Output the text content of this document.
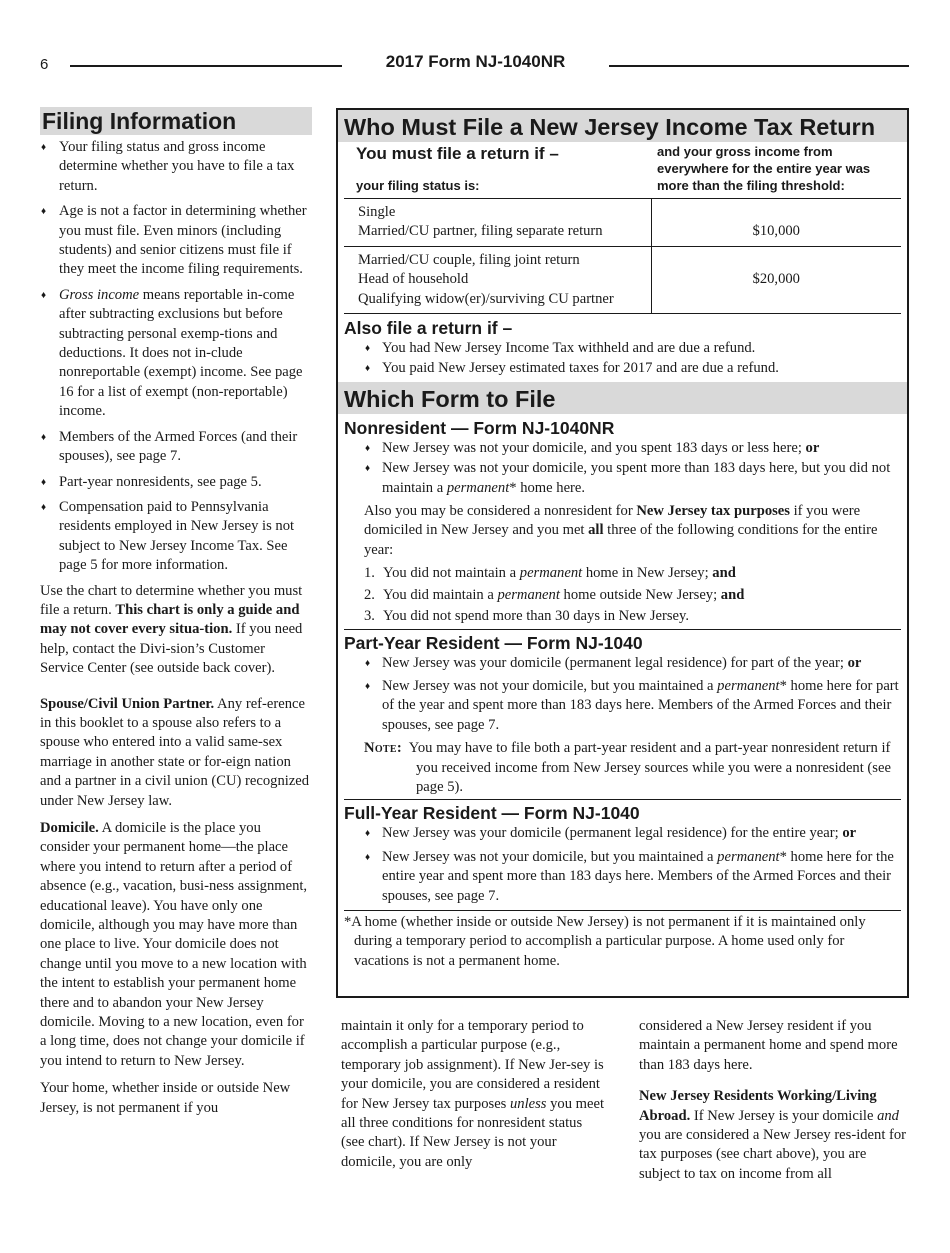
6	2017 Form NJ-1040NR
Filing Information
♦ Your filing status and gross income determine whether you have to file a tax return.
♦ Age is not a factor in determining whether you must file. Even minors (including students) and senior citizens must file if they meet the income filing requirements.
♦ Gross income means reportable in-come after subtracting exclusions but before subtracting personal exemp-tions and deductions. It does not in-clude nonreportable (exempt) income. See page 16 for a list of exempt (non-reportable) income.
♦ Members of the Armed Forces (and their spouses), see page 7.
♦ Part-year nonresidents, see page 5.
♦ Compensation paid to Pennsylvania residents employed in New Jersey is not subject to New Jersey Income Tax. See page 5 for more information.

Use the chart to determine whether you must file a return. This chart is only a guide and may not cover every situa-tion. If you need help, contact the Divi-sion’s Customer Service Center (see outside back cover).

Spouse/Civil Union Partner. Any ref-erence in this booklet to a spouse also refers to a spouse who entered into a valid same-sex marriage in another state or for-eign nation and a partner in a civil union (CU) recognized under New Jersey law.

Domicile. A domicile is the place you consider your permanent home—the place where you intend to return after a period of absence (e.g., vacation, busi-ness assignment, educational leave). You have only one domicile, although you may have more than one place to live. Your domicile does not change until you move to a new location with the intent to establish your permanent home there and to abandon your New Jersey domicile. Moving to a new location, even for a long time, does not change your domicile if you intend to return to New Jersey.

Your home, whether inside or outside New Jersey, is not permanent if you

Who Must File a New Jersey Income Tax Return
You must file a return if –
your filing status is:	and your gross income from everywhere for the entire year was more than the filing threshold:

Single
Married/CU partner, filing separate return	$10,000

Married/CU couple, filing joint return
Head of household
Qualifying widow(er)/surviving CU partner	$20,000
Also file a return if –
♦ You had New Jersey Income Tax withheld and are due a refund.
♦ You paid New Jersey estimated taxes for 2017 and are due a refund.
Which Form to File
Nonresident — Form NJ-1040NR
♦ New Jersey was not your domicile, and you spent 183 days or less here; or
♦ New Jersey was not your domicile, you spent more than 183 days here, but you did not maintain a permanent* home here.

Also you may be considered a nonresident for New Jersey tax purposes if you were domiciled in New Jersey and you met all three of the following conditions for the entire year:

1. You did not maintain a permanent home in New Jersey; and
2. You did maintain a permanent home outside New Jersey; and
3. You did not spend more than 30 days in New Jersey.
Part-Year Resident — Form NJ-1040
♦ New Jersey was your domicile (permanent legal residence) for part of the year; or
♦ New Jersey was not your domicile, but you maintained a permanent* home here for part of the year and spent more than 183 days here. Members of the Armed Forces and their spouses, see page 7.

Note: You may have to file both a part-year resident and a part-year nonresident return if you received income from New Jersey sources while you were a nonresident (see page 5).

Full-Year Resident — Form NJ-1040
♦ New Jersey was your domicile (permanent legal residence) for the entire year; or
♦ New Jersey was not your domicile, but you maintained a permanent* home here for the entire year and spent more than 183 days here. Members of the Armed Forces and their spouses, see page 7.

*A home (whether inside or outside New Jersey) is not permanent if it is maintained only during a temporary period to accomplish a particular purpose. A home used only for vacations is not a permanent home.

maintain it only for a temporary period to accomplish a particular purpose (e.g., temporary job assignment). If New Jer-sey is your domicile, you are considered a resident for New Jersey tax purposes unless you meet all three conditions for nonresident status (see chart). If New Jersey is not your domicile, you are only

considered a New Jersey resident if you maintain a permanent home and spend more than 183 days here.

New Jersey Residents Working/Living Abroad. If New Jersey is your domicile and you are considered a New Jersey res-ident for tax purposes (see chart above), you are subject to tax on income from all
